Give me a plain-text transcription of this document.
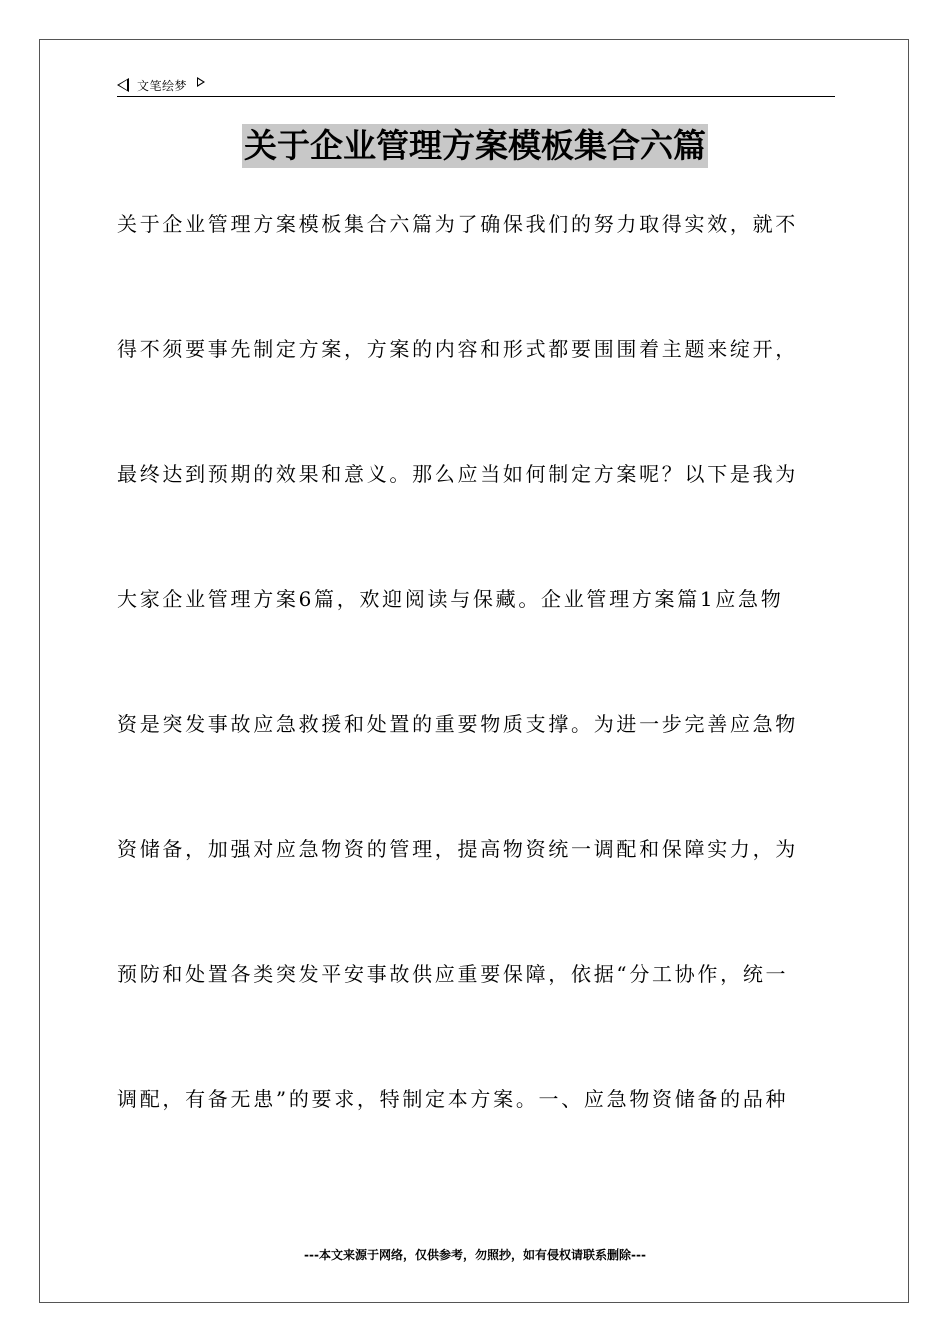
文笔绘梦
关于企业管理方案模板集合六篇
关于企业管理方案模板集合六篇为了确保我们的努力取得实效，就不
得不须要事先制定方案，方案的内容和形式都要围围着主题来绽开，
最终达到预期的效果和意义。那么应当如何制定方案呢？以下是我为
大家企业管理方案6篇，欢迎阅读与保藏。企业管理方案篇1应急物
资是突发事故应急救援和处置的重要物质支撑。为进一步完善应急物
资储备，加强对应急物资的管理，提高物资统一调配和保障实力，为
预防和处置各类突发平安事故供应重要保障，依据“分工协作，统一
调配，有备无患”的要求，特制定本方案。一、应急物资储备的品种
---本文来源于网络，仅供参考，勿照抄，如有侵权请联系删除---
